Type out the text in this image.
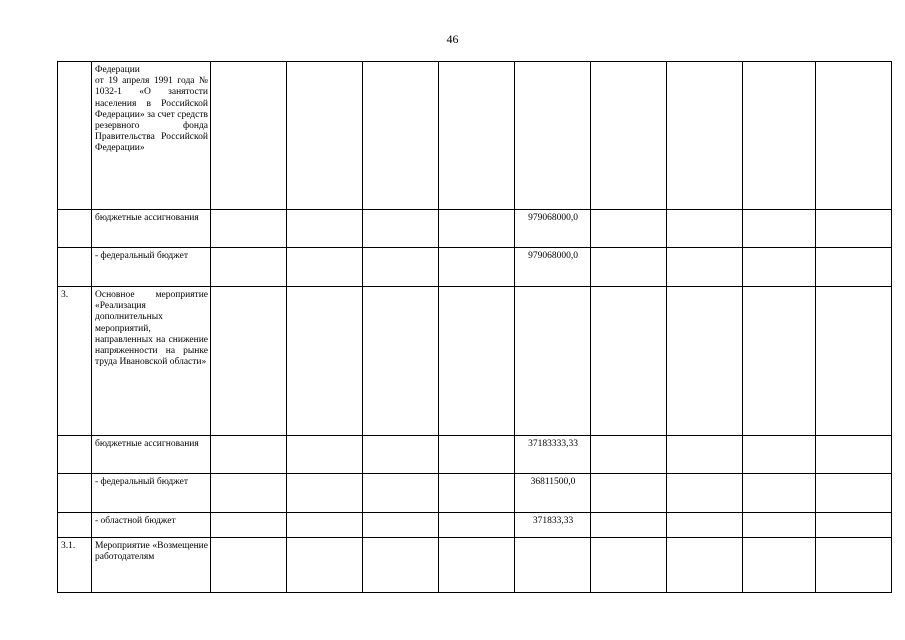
46
	Федерации
от 19 апреля 1991 года № 1032-1 «О занятости населения в Российской Федерации» за счет средств резервного фонда Правительства Российской Федерации»									
	бюджетные ассигнования					979068000,0				
	- федеральный бюджет					979068000,0				
3.	Основное мероприятие «Реализация дополнительных мероприятий, направленных на снижение напряженности на рынке труда Ивановской области»									
	бюджетные ассигнования					37183333,33				
	- федеральный бюджет					36811500,0				
	- областной бюджет					371833,33				
3.1.	Мероприятие «Возмещение работодателям									
